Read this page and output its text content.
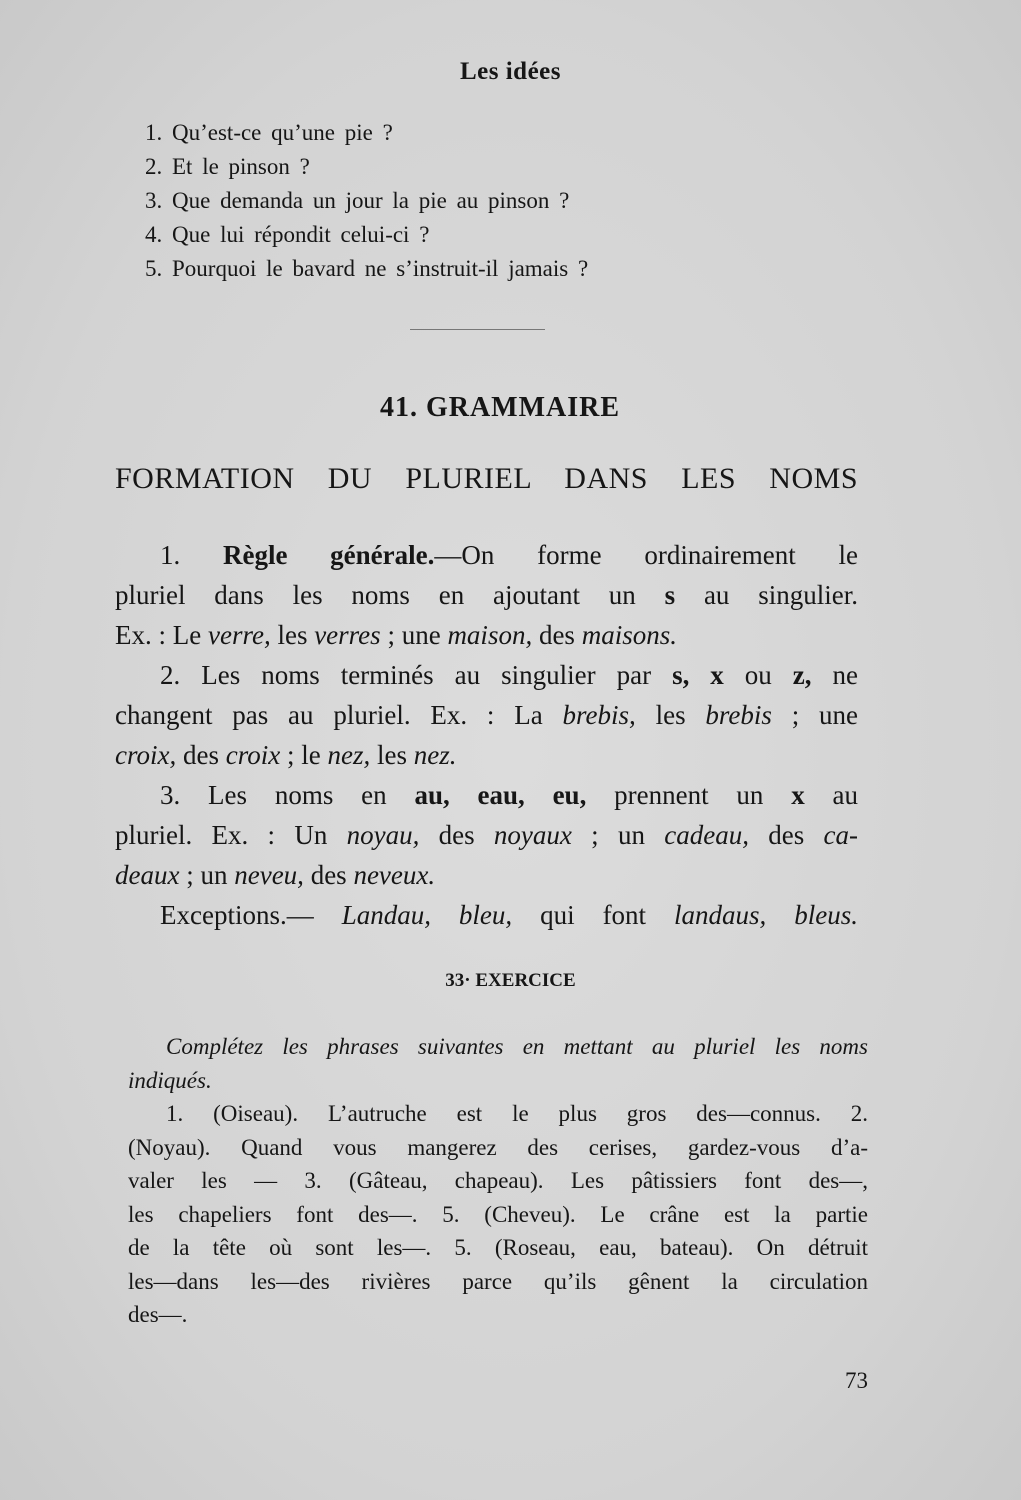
Les idées
1. Qu’est-ce qu’une pie ?
2. Et le pinson ?
3. Que demanda un jour la pie au pinson ?
4. Que lui répondit celui-ci ?
5. Pourquoi le bavard ne s’instruit-il jamais ?
41. GRAMMAIRE
FORMATION DU PLURIEL DANS LES NOMS
1. Règle générale.—On forme ordinairement le
pluriel dans les noms en ajoutant un s au singulier.
Ex. : Le verre, les verres ; une maison, des maisons.
2. Les noms terminés au singulier par s, x ou z, ne
changent pas au pluriel. Ex. : La brebis, les brebis ; une
croix, des croix ; le nez, les nez.
3. Les noms en au, eau, eu, prennent un x au
pluriel. Ex. : Un noyau, des noyaux ; un cadeau, des ca-
deaux ; un neveu, des neveux.
Exceptions.— Landau, bleu, qui font landaus, bleus.
33· EXERCICE
Complétez les phrases suivantes en mettant au pluriel les noms
indiqués.
1. (Oiseau). L’autruche est le plus gros des—connus. 2.
(Noyau). Quand vous mangerez des cerises, gardez-vous d’a-
valer les — 3. (Gâteau, chapeau). Les pâtissiers font des—,
les chapeliers font des—. 5. (Cheveu). Le crâne est la partie
de la tête où sont les—. 5. (Roseau, eau, bateau). On détruit
les—dans les—des rivières parce qu’ils gênent la circulation
des—.
73
